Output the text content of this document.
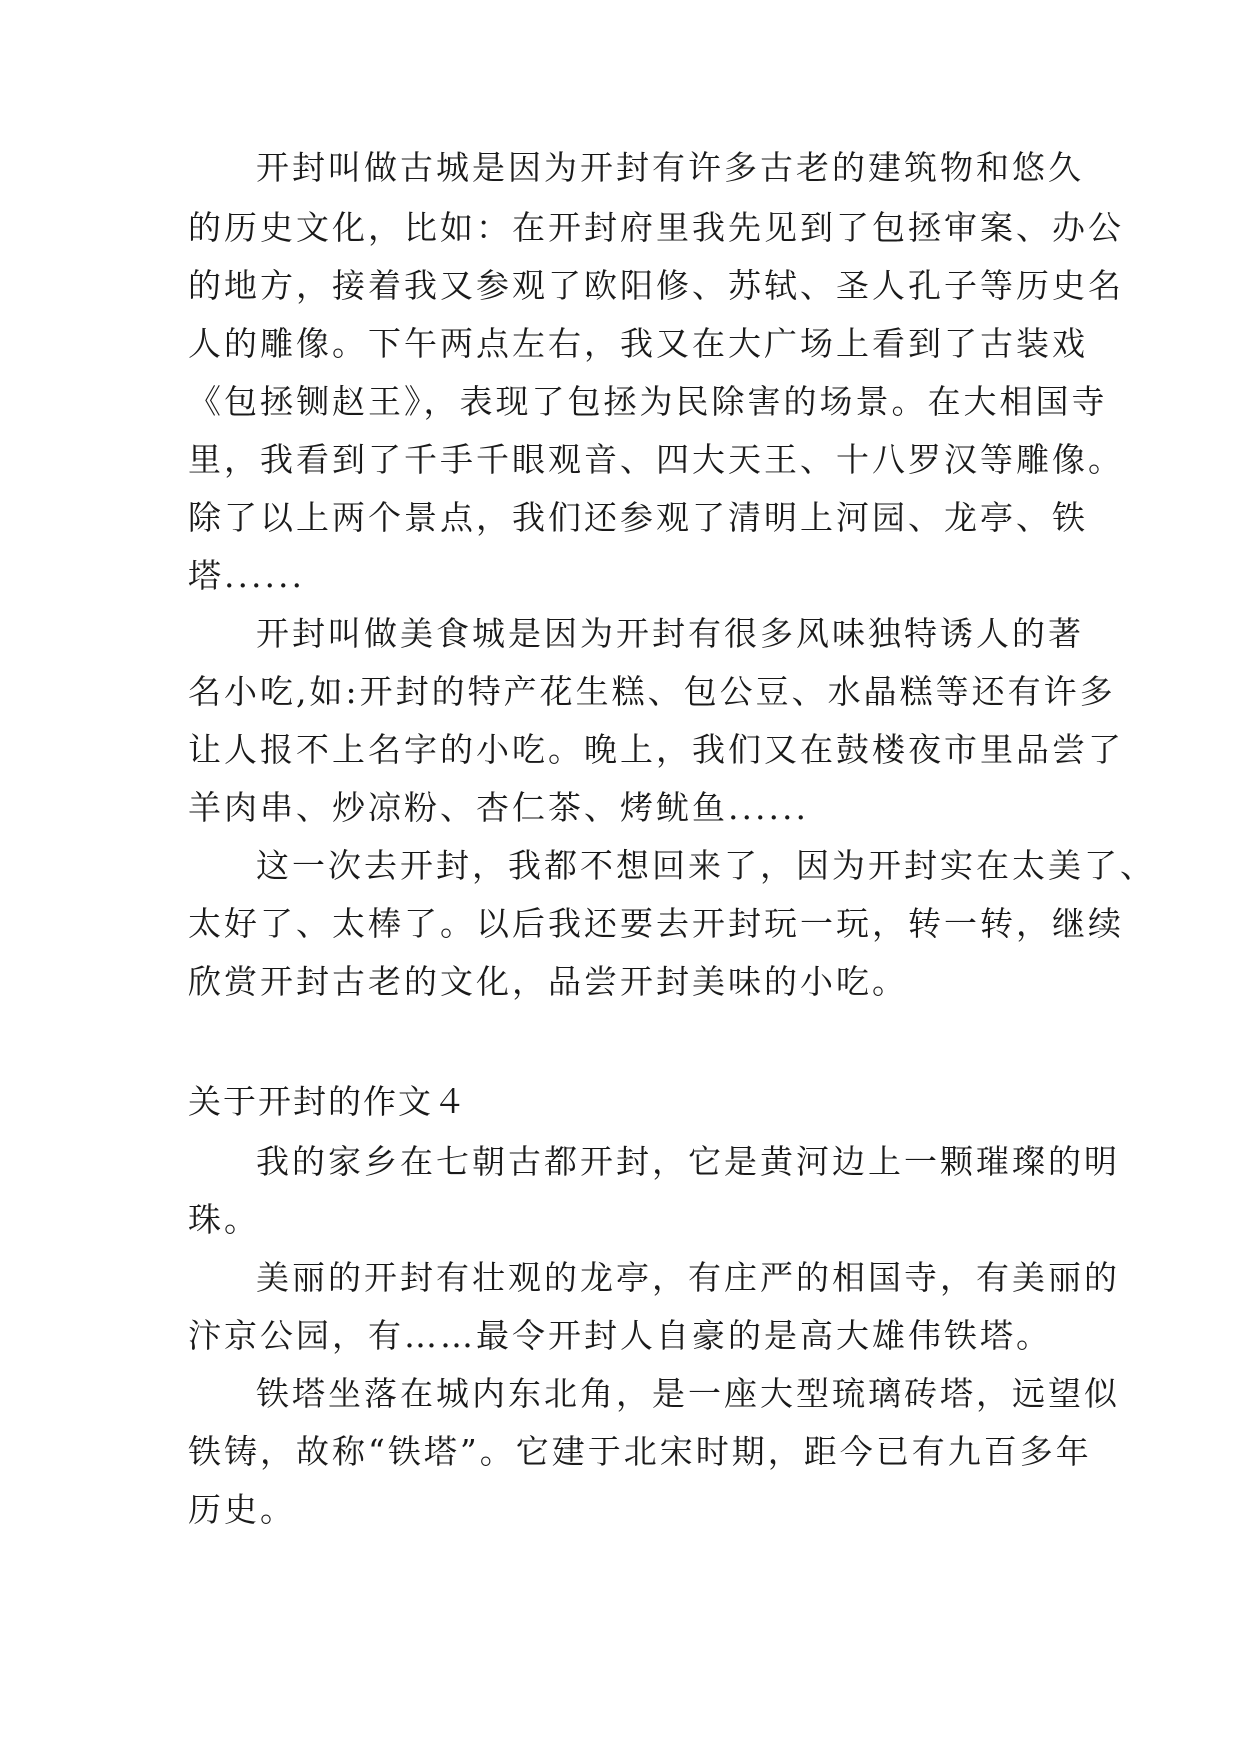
开封叫做古城是因为开封有许多古老的建筑物和悠久
的历史文化，比如：在开封府里我先见到了包拯审案、办公
的地方，接着我又参观了欧阳修、苏轼、圣人孔子等历史名
人的雕像。下午两点左右，我又在大广场上看到了古装戏
《包拯铡赵王》，表现了包拯为民除害的场景。在大相国寺
里，我看到了千手千眼观音、四大天王、十八罗汉等雕像。
除了以上两个景点，我们还参观了清明上河园、龙亭、铁
塔......
开封叫做美食城是因为开封有很多风味独特诱人的著
名小吃,如:开封的特产花生糕、包公豆、水晶糕等还有许多
让人报不上名字的小吃。晚上，我们又在鼓楼夜市里品尝了
羊肉串、炒凉粉、杏仁茶、烤鱿鱼......
这一次去开封，我都不想回来了，因为开封实在太美了、
太好了、太棒了。以后我还要去开封玩一玩，转一转，继续
欣赏开封古老的文化，品尝开封美味的小吃。
关于开封的作文４
我的家乡在七朝古都开封，它是黄河边上一颗璀璨的明
珠。
美丽的开封有壮观的龙亭，有庄严的相国寺，有美丽的
汴京公园，有……最令开封人自豪的是高大雄伟铁塔。
铁塔坐落在城内东北角，是一座大型琉璃砖塔，远望似
铁铸，故称“铁塔”。它建于北宋时期，距今已有九百多年
历史。
